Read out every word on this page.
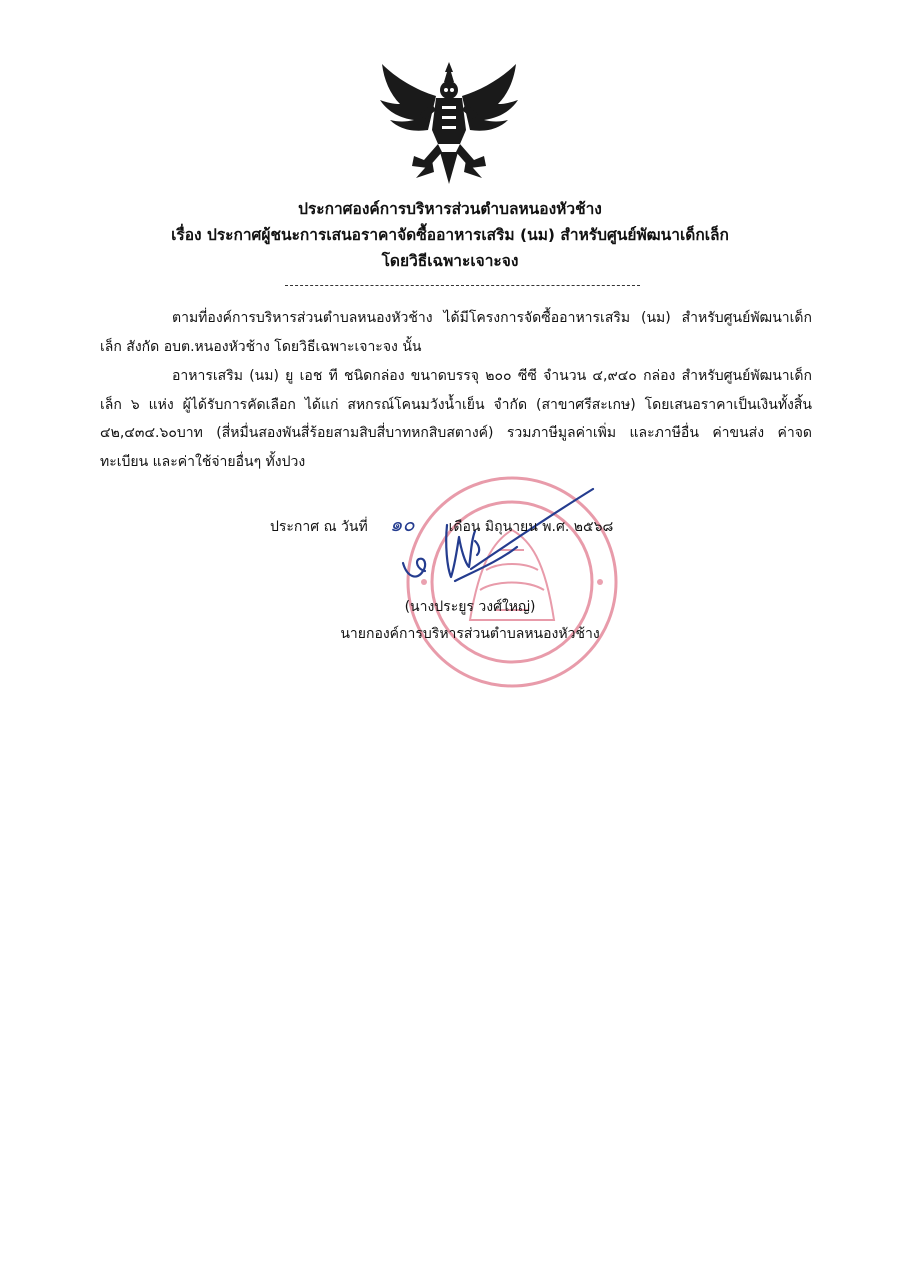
ประกาศองค์การบริหารส่วนตำบลหนองหัวช้าง
เรื่อง ประกาศผู้ชนะการเสนอราคาจัดซื้ออาหารเสริม (นม) สำหรับศูนย์พัฒนาเด็กเล็ก
โดยวิธีเฉพาะเจาะจง
ตามที่องค์การบริหารส่วนตำบลหนองหัวช้าง ได้มีโครงการจัดซื้ออาหารเสริม (นม) สำหรับศูนย์พัฒนาเด็กเล็ก สังกัด อบต.หนองหัวช้าง โดยวิธีเฉพาะเจาะจง นั้น
อาหารเสริม (นม) ยู เอช ที ชนิดกล่อง ขนาดบรรจุ ๒๐๐ ซีซี จำนวน ๔,๙๔๐ กล่อง สำหรับศูนย์พัฒนาเด็กเล็ก ๖ แห่ง ผู้ได้รับการคัดเลือก ได้แก่ สหกรณ์โคนมวังน้ำเย็น จำกัด (สาขาศรีสะเกษ) โดยเสนอราคาเป็นเงินทั้งสิ้น ๔๒,๔๓๔.๖๐บาท (สี่หมื่นสองพันสี่ร้อยสามสิบสี่บาทหกสิบสตางค์) รวมภาษีมูลค่าเพิ่ม และภาษีอื่น ค่าขนส่ง ค่าจดทะเบียน และค่าใช้จ่ายอื่นๆ ทั้งปวง
ประกาศ ณ วันที่ ๑๐ เดือน มิถุนายน พ.ศ. ๒๕๖๘
(นางประยูร วงศ์ใหญ่)
นายกองค์การบริหารส่วนตำบลหนองหัวช้าง
